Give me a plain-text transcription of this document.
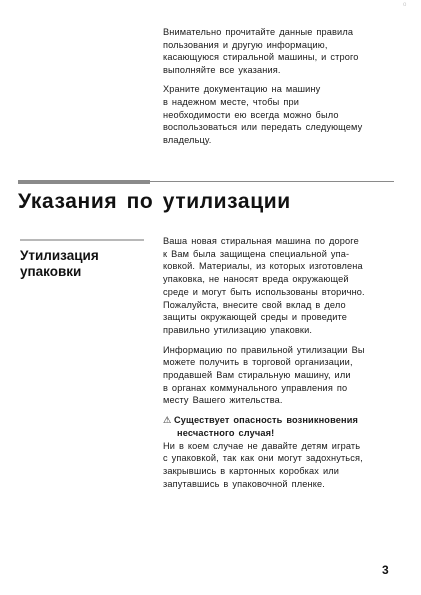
o

Внимательно прочитайте данные правила
пользования и другую информацию,
касающуюся стиральной машины, и строго
выполняйте все указания.

Храните документацию на машину
в надежном месте, чтобы при
необходимости ею всегда можно было
воспользоваться или передать следующему
владельцу.

Указания по утилизации
Утилизация
упаковки

Ваша новая стиральная машина по дороге
к Вам была защищена специальной упа-
ковкой. Материалы, из которых изготовлена
упаковка, не наносят вреда окружающей
среде и могут быть использованы вторично.
Пожалуйста, внесите свой вклад в дело
защиты окружающей среды и проведите
правильно утилизацию упаковки.

Информацию по правильной утилизации Вы
можете получить в торговой организации,
продавшей Вам стиральную машину, или
в органах коммунального управления по
месту Вашего жительства.

⚠ Существует опасность возникновения
несчастного случая!

Ни в коем случае не давайте детям играть
с упаковкой, так как они могут задохнуться,
закрывшись в картонных коробках или
запутавшись в упаковочной пленке.

3
